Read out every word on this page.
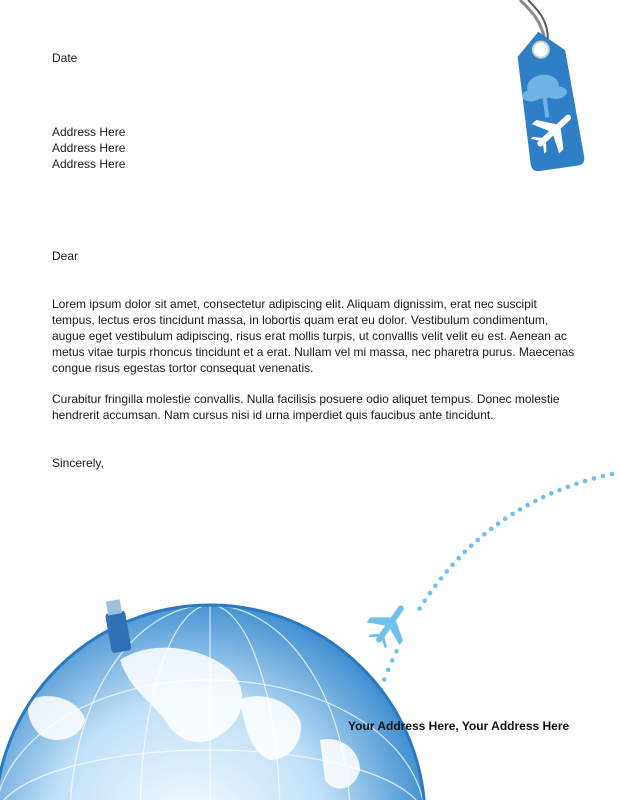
Date
Address Here
Address Here
Address Here
Dear
Lorem ipsum dolor sit amet, consectetur adipiscing elit. Aliquam dignissim, erat nec suscipit tempus, lectus eros tincidunt massa, in lobortis quam erat eu dolor. Vestibulum condimentum, augue eget vestibulum adipiscing, risus erat mollis turpis, ut convallis velit velit eu est. Aenean ac metus vitae turpis rhoncus tincidunt et a erat. Nullam vel mi massa, nec pharetra purus. Maecenas congue risus egestas tortor consequat venenatis.
Curabitur fringilla molestie convallis. Nulla facilisis posuere odio aliquet tempus. Donec molestie hendrerit accumsan. Nam cursus nisi id urna imperdiet quis faucibus ante tincidunt.
Sincerely,
Your Address Here, Your Address Here
